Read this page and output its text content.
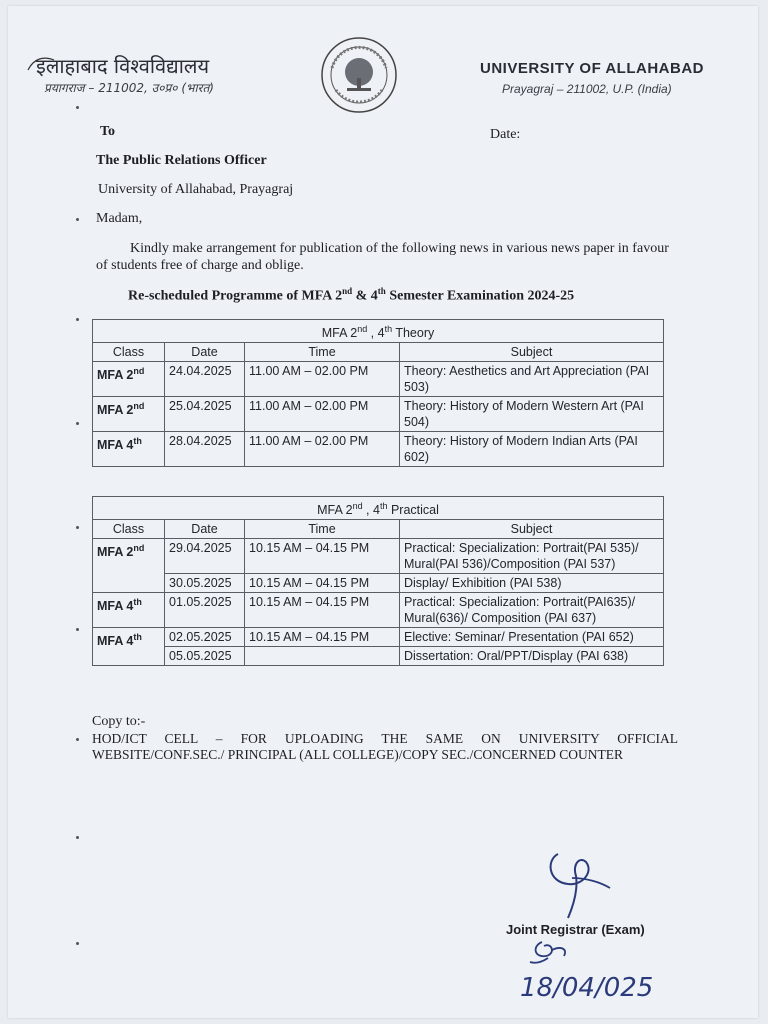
इलाहाबाद विश्वविद्यालय
प्रयागराज – 211002, उ०प्र० (भारत)
UNIVERSITY OF ALLAHABAD
Prayagraj – 211002, U.P. (India)
To	Date:
The Public Relations Officer
University of Allahabad, Prayagraj
Madam,
Kindly make arrangement for publication of the following news in various news paper in favour of students free of charge and oblige.
Re-scheduled Programme of MFA 2nd & 4th Semester Examination 2024-25
MFA 2nd , 4th Theory			
Class	Date	Time	Subject
MFA 2nd	24.04.2025	11.00 AM – 02.00 PM	Theory: Aesthetics and Art Appreciation (PAI 503)
MFA 2nd	25.04.2025	11.00 AM – 02.00 PM	Theory: History of Modern Western Art (PAI 504)
MFA 4th	28.04.2025	11.00 AM – 02.00 PM	Theory: History of Modern Indian Arts (PAI 602)
MFA 2nd , 4th Practical			
Class	Date	Time	Subject
MFA 2nd	29.04.2025	10.15 AM – 04.15 PM	Practical: Specialization: Portrait(PAI 535)/ Mural(PAI 536)/Composition (PAI 537)
	30.05.2025	10.15 AM – 04.15 PM	Display/ Exhibition (PAI 538)
MFA 4th	01.05.2025	10.15 AM – 04.15 PM	Practical: Specialization: Portrait(PAI635)/ Mural(636)/ Composition (PAI 637)
MFA 4th	02.05.2025	10.15 AM – 04.15 PM	Elective: Seminar/ Presentation (PAI 652)
	05.05.2025		Dissertation: Oral/PPT/Display (PAI 638)
Copy to:-
HOD/ICT CELL – FOR UPLOADING THE SAME ON UNIVERSITY OFFICIAL WEBSITE/CONF.SEC./ PRINCIPAL (ALL COLLEGE)/COPY SEC./CONCERNED COUNTER
Joint Registrar (Exam)
18/04/025
